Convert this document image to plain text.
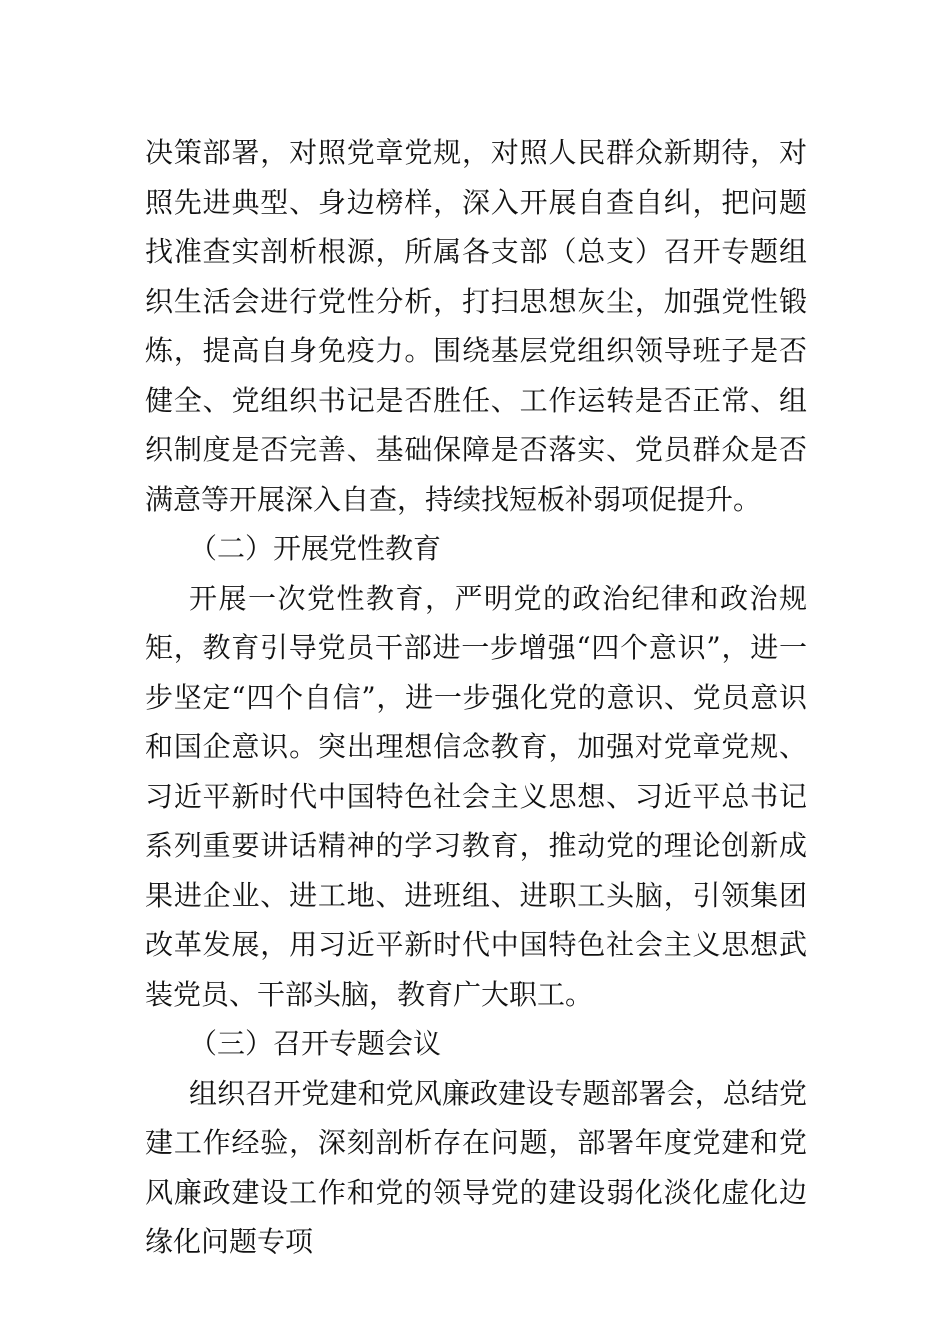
决策部署，对照党章党规，对照人民群众新期待，对照先进典型、身边榜样，深入开展自查自纠，把问题找准查实剖析根源，所属各支部（总支）召开专题组织生活会进行党性分析，打扫思想灰尘，加强党性锻炼，提高自身免疫力。围绕基层党组织领导班子是否健全、党组织书记是否胜任、工作运转是否正常、组织制度是否完善、基础保障是否落实、党员群众是否满意等开展深入自查，持续找短板补弱项促提升。

（二）开展党性教育

开展一次党性教育，严明党的政治纪律和政治规矩，教育引导党员干部进一步增强“四个意识”，进一步坚定“四个自信”，进一步强化党的意识、党员意识和国企意识。突出理想信念教育，加强对党章党规、习近平新时代中国特色社会主义思想、习近平总书记系列重要讲话精神的学习教育，推动党的理论创新成果进企业、进工地、进班组、进职工头脑，引领集团改革发展，用习近平新时代中国特色社会主义思想武装党员、干部头脑，教育广大职工。

（三）召开专题会议

组织召开党建和党风廉政建设专题部署会，总结党建工作经验，深刻剖析存在问题，部署年度党建和党风廉政建设工作和党的领导党的建设弱化淡化虚化边缘化问题专项
